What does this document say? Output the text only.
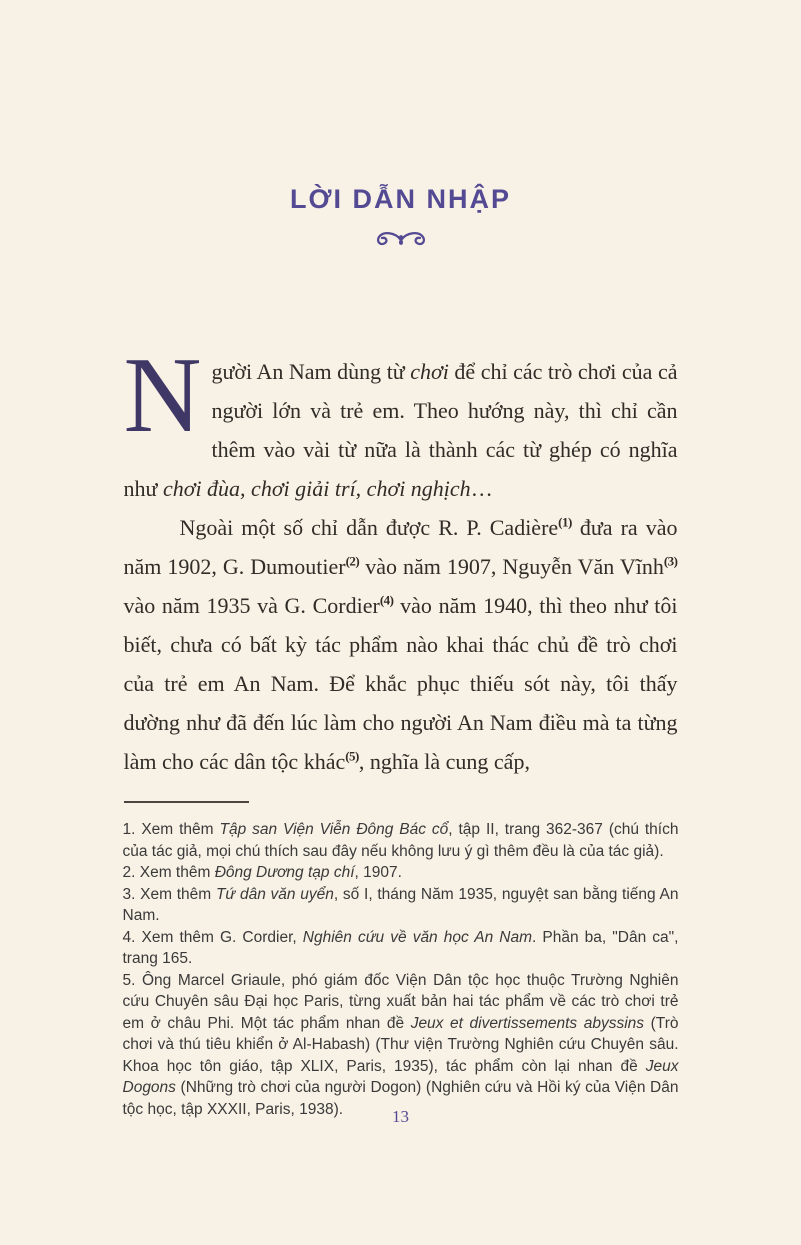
LỜI DẪN NHẬP

Người An Nam dùng từ chơi để chỉ các trò chơi của cả người lớn và trẻ em. Theo hướng này, thì chỉ cần thêm vào vài từ nữa là thành các từ ghép có nghĩa như chơi đùa, chơi giải trí, chơi nghịch…

Ngoài một số chỉ dẫn được R. P. Cadière$^{(1)}$ đưa ra vào năm 1902, G. Dumoutier$^{(2)}$ vào năm 1907, Nguyễn Văn Vĩnh$^{(3)}$ vào năm 1935 và G. Cordier$^{(4)}$ vào năm 1940, thì theo như tôi biết, chưa có bất kỳ tác phẩm nào khai thác chủ đề trò chơi của trẻ em An Nam. Để khắc phục thiếu sót này, tôi thấy dường như đã đến lúc làm cho người An Nam điều mà ta từng làm cho các dân tộc khác$^{(5)}$, nghĩa là cung cấp,

1. Xem thêm Tập san Viện Viễn Đông Bác cổ, tập II, trang 362-367 (chú thích của tác giả, mọi chú thích sau đây nếu không lưu ý gì thêm đều là của tác giả).

2. Xem thêm Đông Dương tạp chí, 1907.

3. Xem thêm Tứ dân văn uyển, số I, tháng Năm 1935, nguyệt san bằng tiếng An Nam.

4. Xem thêm G. Cordier, Nghiên cứu về văn học An Nam. Phần ba, "Dân ca", trang 165.

5. Ông Marcel Griaule, phó giám đốc Viện Dân tộc học thuộc Trường Nghiên cứu Chuyên sâu Đại học Paris, từng xuất bản hai tác phẩm về các trò chơi trẻ em ở châu Phi. Một tác phẩm nhan đề Jeux et divertissements abyssins (Trò chơi và thú tiêu khiển ở Al-Habash) (Thư viện Trường Nghiên cứu Chuyên sâu. Khoa học tôn giáo, tập XLIX, Paris, 1935), tác phẩm còn lại nhan đề Jeux Dogons (Những trò chơi của người Dogon) (Nghiên cứu và Hồi ký của Viện Dân tộc học, tập XXXII, Paris, 1938).	13
